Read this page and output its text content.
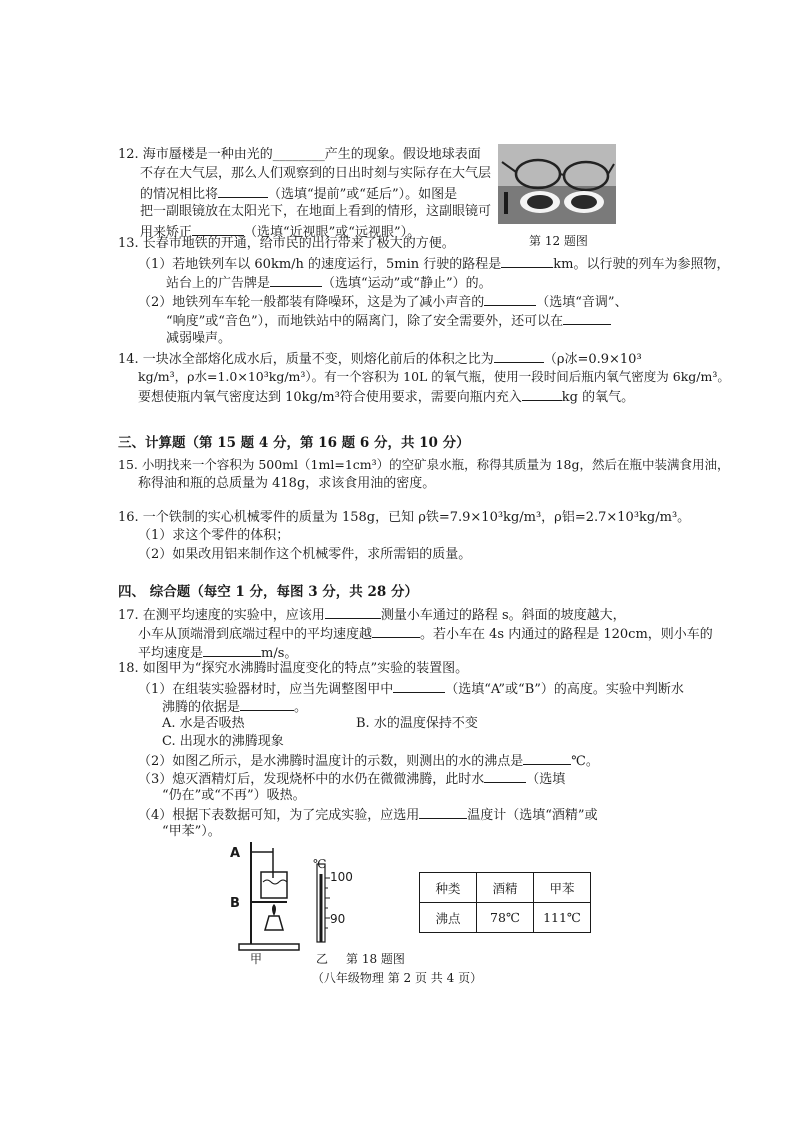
12. 海市蜃楼是一种由光的________产生的现象。假设地球表面
不存在大气层，那么人们观察到的日出时刻与实际存在大气层
的情况相比将	（选填“提前”或“延后”）。如图是
把一副眼镜放在太阳光下，在地面上看到的情形，这副眼镜可
用来矫正	（选填“近视眼”或“远视眼”）。
第 12 题图
13. 长春市地铁的开通，给市民的出行带来了极大的方便。
（1）若地铁列车以 60km/h 的速度运行，5min 行驶的路程是	km。以行驶的列车为参照物，
站台上的广告牌是	（选填“运动”或“静止”）的。
（2）地铁列车车轮一般都装有降噪环，这是为了减小声音的	（选填“音调”、
“响度”或“音色”），而地铁站中的隔离门，除了安全需要外，还可以在
减弱噪声。
14. 一块冰全部熔化成水后，质量不变，则熔化前后的体积之比为	（ρ冰=0.9×10³
kg/m³，ρ水=1.0×10³kg/m³）。有一个容积为 10L 的氧气瓶，使用一段时间后瓶内氧气密度为 6kg/m³。
要想使瓶内氧气密度达到 10kg/m³符合使用要求，需要向瓶内充入	kg 的氧气。
三、计算题（第 15 题 4 分，第 16 题 6 分，共 10 分）
15. 小明找来一个容积为 500ml（1ml=1cm³）的空矿泉水瓶，称得其质量为 18g，然后在瓶中装满食用油，
称得油和瓶的总质量为 418g，求该食用油的密度。
16. 一个铁制的实心机械零件的质量为 158g，已知 ρ铁=7.9×10³kg/m³，ρ铝=2.7×10³kg/m³。
（1）求这个零件的体积；
（2）如果改用铝来制作这个机械零件，求所需铝的质量。
四、 综合题（每空 1 分，每图 3 分，共 28 分）
17. 在测平均速度的实验中，应该用	测量小车通过的路程 s。斜面的坡度越大，
小车从顶端滑到底端过程中的平均速度越	。若小车在 4s 内通过的路程是 120cm，则小车的
平均速度是	m/s。
18. 如图甲为“探究水沸腾时温度变化的特点”实验的装置图。
（1）在组装实验器材时，应当先调整图甲中	（选填“A”或“B”）的高度。实验中判断水
沸腾的依据是	。
A. 水是否吸热	B. 水的温度保持不变
C. 出现水的沸腾现象
（2）如图乙所示，是水沸腾时温度计的示数，则测出的水的沸点是	℃。
（3）熄灭酒精灯后，发现烧杯中的水仍在微微沸腾，此时水	（选填
“仍在”或“不再”）吸热。
（4）根据下表数据可知，为了完成实验，应选用	温度计（选填“酒精”或
“甲苯”）。
A
B
℃
100
90
甲	乙 第 18 题图
种类	酒精	甲苯
沸点	78℃	111℃
（八年级物理 第 2 页 共 4 页）
